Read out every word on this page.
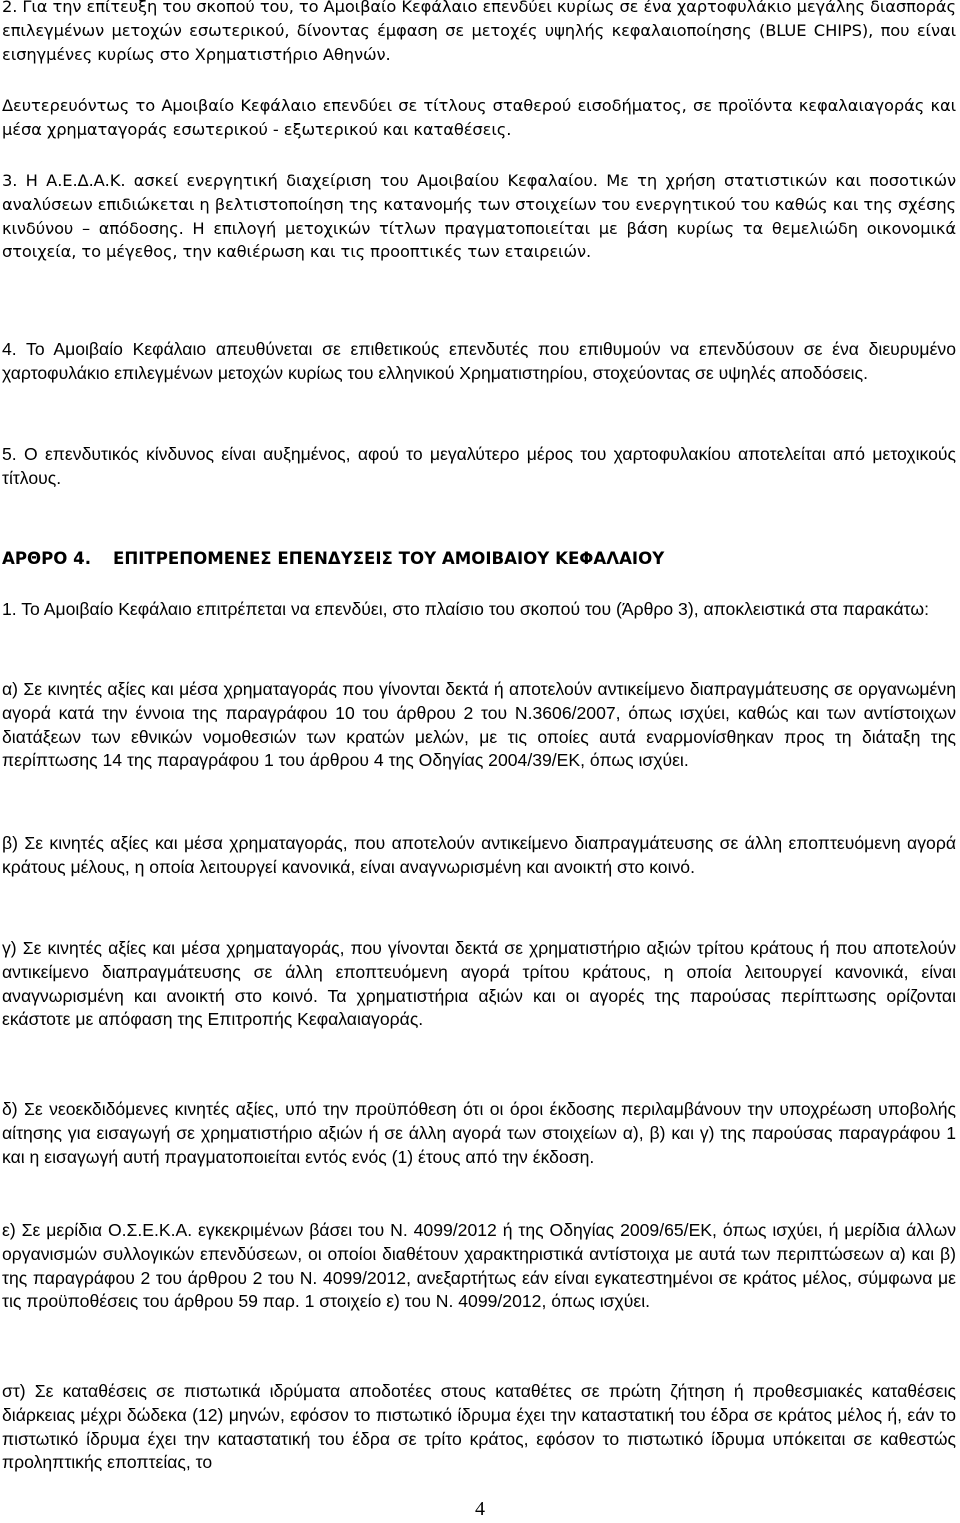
2. Για την επίτευξη του σκοπού του, το Αμοιβαίο Κεφάλαιο επενδύει κυρίως σε ένα χαρτοφυλάκιο μεγάλης διασποράς επιλεγμένων μετοχών εσωτερικού, δίνοντας έμφαση σε μετοχές υψηλής κεφαλαιοποίησης (BLUE CHIPS), που είναι εισηγμένες κυρίως στο Χρηματιστήριο Αθηνών.

Δευτερευόντως το Αμοιβαίο Κεφάλαιο επενδύει σε τίτλους σταθερού εισοδήματος, σε προϊόντα κεφαλαιαγοράς και μέσα χρηματαγοράς εσωτερικού - εξωτερικού και καταθέσεις.

3. Η Α.Ε.Δ.Α.Κ. ασκεί ενεργητική διαχείριση του Αμοιβαίου Κεφαλαίου. Με τη χρήση στατιστικών και ποσοτικών αναλύσεων επιδιώκεται η βελτιστοποίηση της κατανομής των στοιχείων του ενεργητικού του καθώς και της σχέσης κινδύνου – απόδοσης. Η επιλογή μετοχικών τίτλων πραγματοποιείται με βάση κυρίως τα θεμελιώδη οικονομικά στοιχεία, το μέγεθος, την καθιέρωση και τις προοπτικές των εταιρειών.

4. Το Αμοιβαίο Κεφάλαιο απευθύνεται σε επιθετικούς επενδυτές που επιθυμούν να επενδύσουν σε ένα διευρυμένο χαρτοφυλάκιο επιλεγμένων μετοχών κυρίως του ελληνικού Χρηματιστηρίου, στοχεύοντας σε υψηλές αποδόσεις.

5. Ο επενδυτικός κίνδυνος είναι αυξημένος, αφού το μεγαλύτερο μέρος του χαρτοφυλακίου αποτελείται από μετοχικούς τίτλους.

ΑΡΘΡΟ 4. ΕΠΙΤΡΕΠΟΜΕΝΕΣ ΕΠΕΝΔΥΣΕΙΣ ΤΟΥ ΑΜΟΙΒΑΙΟΥ ΚΕΦΑΛΑΙΟΥ

1. Το Αμοιβαίο Κεφάλαιο επιτρέπεται να επενδύει, στο πλαίσιο του σκοπού του (Άρθρο 3), αποκλειστικά στα παρακάτω:

α) Σε κινητές αξίες και μέσα χρηματαγοράς που γίνονται δεκτά ή αποτελούν αντικείμενο διαπραγμάτευσης σε οργανωμένη αγορά κατά την έννοια της παραγράφου 10 του άρθρου 2 του Ν.3606/2007, όπως ισχύει, καθώς και των αντίστοιχων διατάξεων των εθνικών νομοθεσιών των κρατών μελών, με τις οποίες αυτά εναρμονίσθηκαν προς τη διάταξη της περίπτωσης 14 της παραγράφου 1 του άρθρου 4 της Οδηγίας 2004/39/ΕΚ, όπως ισχύει.

β) Σε κινητές αξίες και μέσα χρηματαγοράς, που αποτελούν αντικείμενο διαπραγμάτευσης σε άλλη εποπτευόμενη αγορά κράτους μέλους, η οποία λειτουργεί κανονικά, είναι αναγνωρισμένη και ανοικτή στο κοινό.

γ) Σε κινητές αξίες και μέσα χρηματαγοράς, που γίνονται δεκτά σε χρηματιστήριο αξιών τρίτου κράτους ή που αποτελούν αντικείμενο διαπραγμάτευσης σε άλλη εποπτευόμενη αγορά τρίτου κράτους, η οποία λειτουργεί κανονικά, είναι αναγνωρισμένη και ανοικτή στο κοινό. Τα χρηματιστήρια αξιών και οι αγορές της παρούσας περίπτωσης ορίζονται εκάστοτε με απόφαση της Επιτροπής Κεφαλαιαγοράς.

δ) Σε νεοεκδιδόμενες κινητές αξίες, υπό την προϋπόθεση ότι οι όροι έκδοσης περιλαμβάνουν την υποχρέωση υποβολής αίτησης για εισαγωγή σε χρηματιστήριο αξιών ή σε άλλη αγορά των στοιχείων α), β) και γ) της παρούσας παραγράφου 1 και η εισαγωγή αυτή πραγματοποιείται εντός ενός (1) έτους από την έκδοση.

ε) Σε μερίδια Ο.Σ.Ε.Κ.Α. εγκεκριμένων βάσει του Ν. 4099/2012 ή της Οδηγίας 2009/65/ΕΚ, όπως ισχύει, ή μερίδια άλλων οργανισμών συλλογικών επενδύσεων, οι οποίοι διαθέτουν χαρακτηριστικά αντίστοιχα με αυτά των περιπτώσεων α) και β) της παραγράφου 2 του άρθρου 2 του Ν. 4099/2012, ανεξαρτήτως εάν είναι εγκατεστημένοι σε κράτος μέλος, σύμφωνα με τις προϋποθέσεις του άρθρου 59 παρ. 1 στοιχείο ε) του Ν. 4099/2012, όπως ισχύει.

στ) Σε καταθέσεις σε πιστωτικά ιδρύματα αποδοτέες στους καταθέτες σε πρώτη ζήτηση ή προθεσμιακές καταθέσεις διάρκειας μέχρι δώδεκα (12) μηνών, εφόσον το πιστωτικό ίδρυμα έχει την καταστατική του έδρα σε κράτος μέλος ή, εάν το πιστωτικό ίδρυμα έχει την καταστατική του έδρα σε τρίτο κράτος, εφόσον το πιστωτικό ίδρυμα υπόκειται σε καθεστώς προληπτικής εποπτείας, το

4
